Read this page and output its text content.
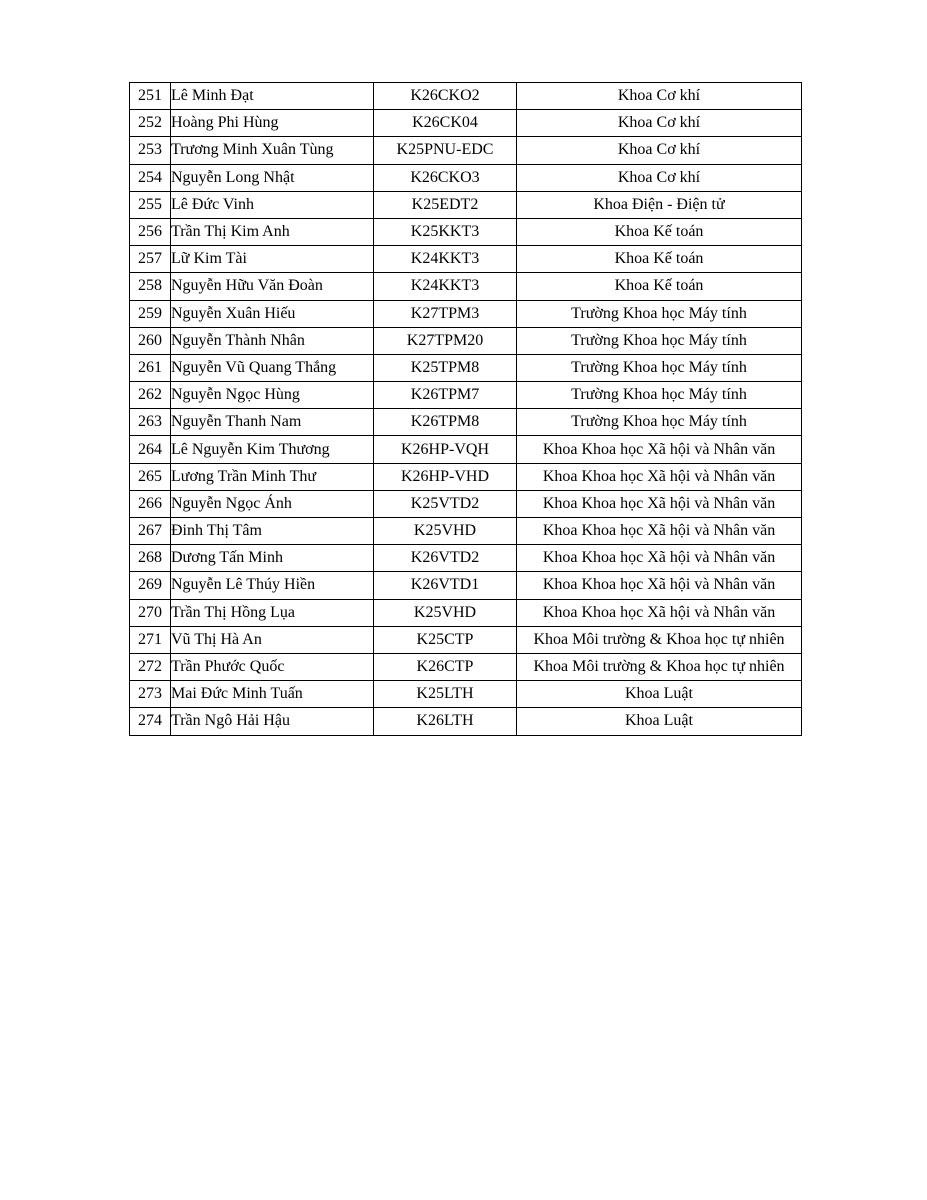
251	Lê Minh Đạt	K26CKO2	Khoa Cơ khí
252	Hoàng Phi Hùng	K26CK04	Khoa Cơ khí
253	Trương Minh Xuân Tùng	K25PNU-EDC	Khoa Cơ khí
254	Nguyễn Long Nhật	K26CKO3	Khoa Cơ khí
255	Lê Đức Vinh	K25EDT2	Khoa Điện - Điện tử
256	Trần Thị Kim Anh	K25KKT3	Khoa Kế toán
257	Lữ Kim Tài	K24KKT3	Khoa Kế toán
258	Nguyễn Hữu Văn Đoàn	K24KKT3	Khoa Kế toán
259	Nguyễn Xuân Hiếu	K27TPM3	Trường Khoa học Máy tính
260	Nguyễn Thành Nhân	K27TPM20	Trường Khoa học Máy tính
261	Nguyễn Vũ Quang Thắng	K25TPM8	Trường Khoa học Máy tính
262	Nguyễn Ngọc Hùng	K26TPM7	Trường Khoa học Máy tính
263	Nguyễn Thanh Nam	K26TPM8	Trường Khoa học Máy tính
264	Lê Nguyễn Kim Thương	K26HP-VQH	Khoa Khoa học Xã hội và Nhân văn
265	Lương Trần Minh Thư	K26HP-VHD	Khoa Khoa học Xã hội và Nhân văn
266	Nguyễn Ngọc Ánh	K25VTD2	Khoa Khoa học Xã hội và Nhân văn
267	Đinh Thị Tâm	K25VHD	Khoa Khoa học Xã hội và Nhân văn
268	Dương Tấn Minh	K26VTD2	Khoa Khoa học Xã hội và Nhân văn
269	Nguyễn Lê Thúy Hiền	K26VTD1	Khoa Khoa học Xã hội và Nhân văn
270	Trần Thị Hồng Lụa	K25VHD	Khoa Khoa học Xã hội và Nhân văn
271	Vũ Thị Hà An	K25CTP	Khoa Môi trường & Khoa học tự nhiên
272	Trần Phước Quốc	K26CTP	Khoa Môi trường & Khoa học tự nhiên
273	Mai Đức Minh Tuấn	K25LTH	Khoa Luật
274	Trần Ngô Hải Hậu	K26LTH	Khoa Luật
